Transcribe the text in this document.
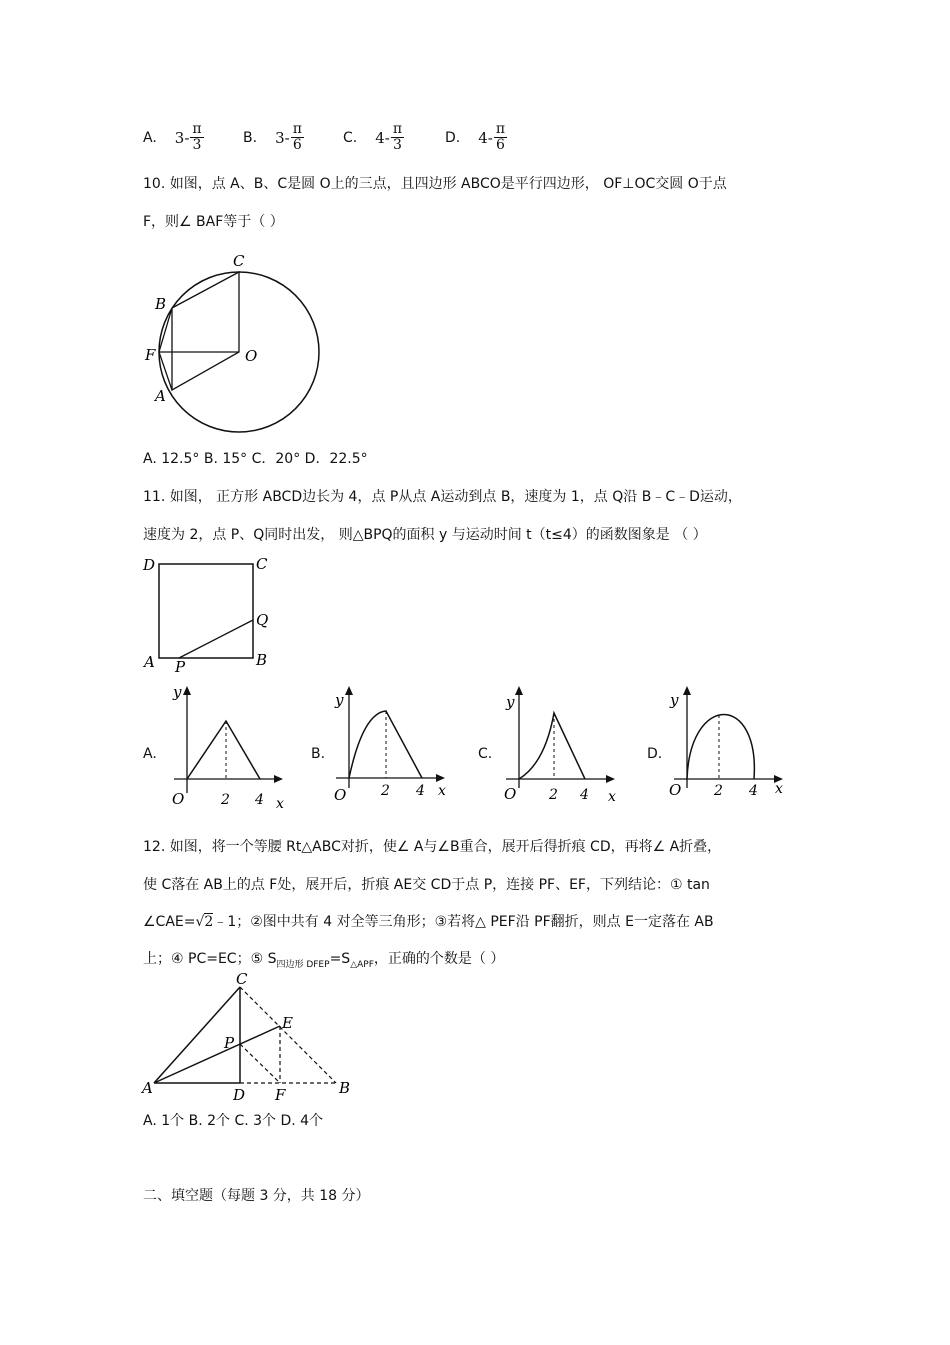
A. $3- \frac{\pi}{3}$	B. $3- \frac{\pi}{6}$	C. $4- \frac{\pi}{3}$	D. $4- \frac{\pi}{6}$
10. 如图，点 A、B、C是圆 O上的三点，且四边形 ABCO是平行四边形， OF⊥OC交圆 O于点
F，则∠ BAF等于（ ）
C
B
F	O
A
A. 12.5° B. 15° C．20° D．22.5°
11. 如图， 正方形 ABCD边长为 4，点 P从点 A运动到点 B，速度为 1，点 Q沿 B﹣C﹣D运动，
速度为 2，点 P、Q同时出发， 则△BPQ的面积 y 与运动时间 t（t≤4）的函数图象是 （ ）
D	C
Q
A P	B
A.
y
x
O	2 4
B.
y
x
O 2 4
C.
y
x
O 2 4
D.
y
x
O 2 4
12. 如图，将一个等腰 Rt△ABC对折，使∠ A与∠B重合，展开后得折痕 CD，再将∠ A折叠，
使 C落在 AB上的点 F处，展开后，折痕 AE交 CD于点 P，连接 PF、EF，下列结论：① tan
∠CAE=√2﹣1；②图中共有 4 对全等三角形；③若将△ PEF沿 PF翻折，则点 E一定落在 AB
上；④ PC=EC；⑤ $S_{四边形 DFEP}=S_{\triangle APF}$，正确的个数是（ ）
C
E
P
A	D F	B
A. 1个 B. 2个 C. 3个 D. 4个
二、填空题（每题 3 分，共 18 分）
